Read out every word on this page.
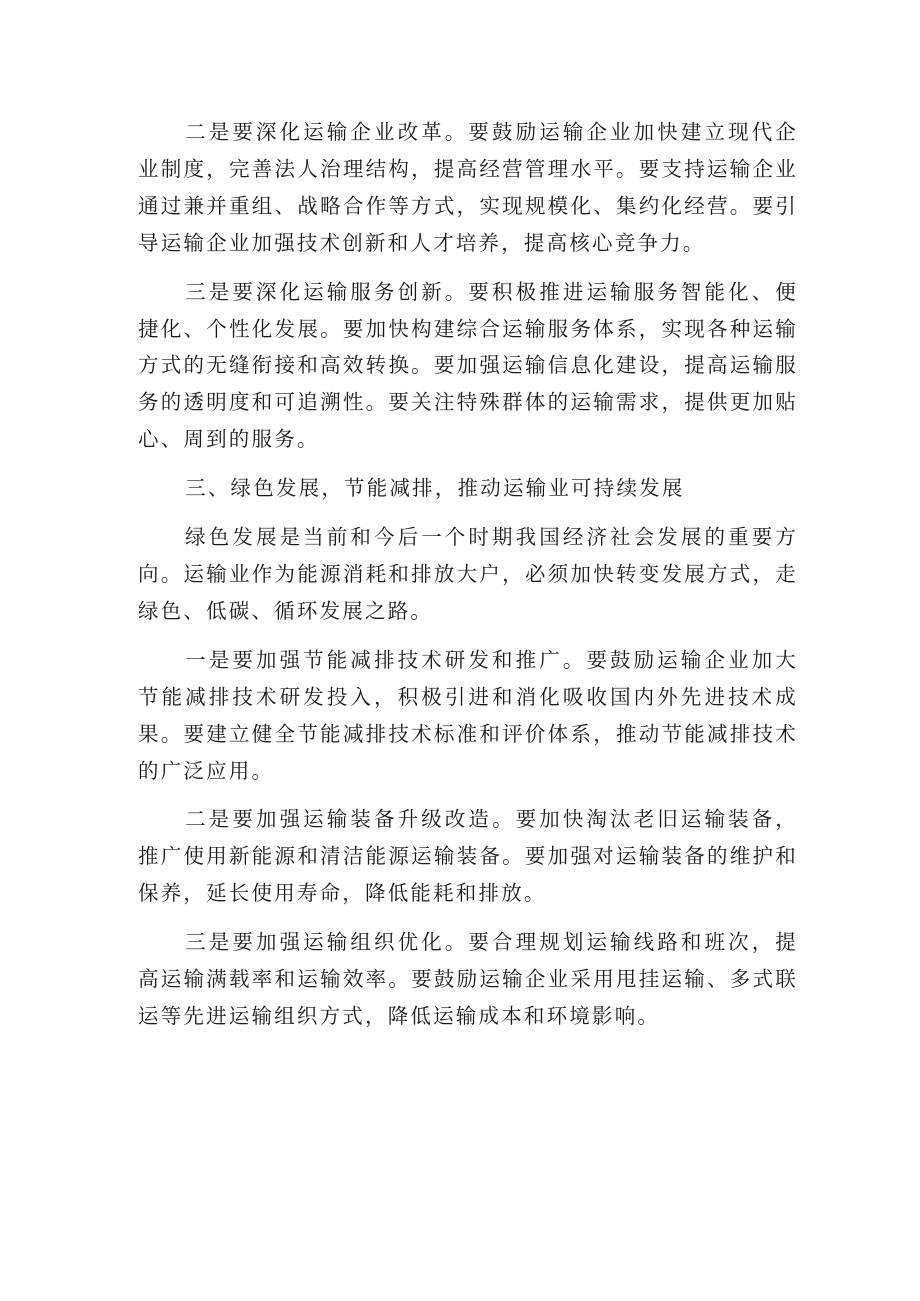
二是要深化运输企业改革。要鼓励运输企业加快建立现代企业制度，完善法人治理结构，提高经营管理水平。要支持运输企业通过兼并重组、战略合作等方式，实现规模化、集约化经营。要引导运输企业加强技术创新和人才培养，提高核心竞争力。

三是要深化运输服务创新。要积极推进运输服务智能化、便捷化、个性化发展。要加快构建综合运输服务体系，实现各种运输方式的无缝衔接和高效转换。要加强运输信息化建设，提高运输服务的透明度和可追溯性。要关注特殊群体的运输需求，提供更加贴心、周到的服务。

三、绿色发展，节能减排，推动运输业可持续发展

绿色发展是当前和今后一个时期我国经济社会发展的重要方向。运输业作为能源消耗和排放大户，必须加快转变发展方式，走绿色、低碳、循环发展之路。

一是要加强节能减排技术研发和推广。要鼓励运输企业加大节能减排技术研发投入，积极引进和消化吸收国内外先进技术成果。要建立健全节能减排技术标准和评价体系，推动节能减排技术的广泛应用。

二是要加强运输装备升级改造。要加快淘汰老旧运输装备，推广使用新能源和清洁能源运输装备。要加强对运输装备的维护和保养，延长使用寿命，降低能耗和排放。

三是要加强运输组织优化。要合理规划运输线路和班次，提高运输满载率和运输效率。要鼓励运输企业采用甩挂运输、多式联运等先进运输组织方式，降低运输成本和环境影响。
